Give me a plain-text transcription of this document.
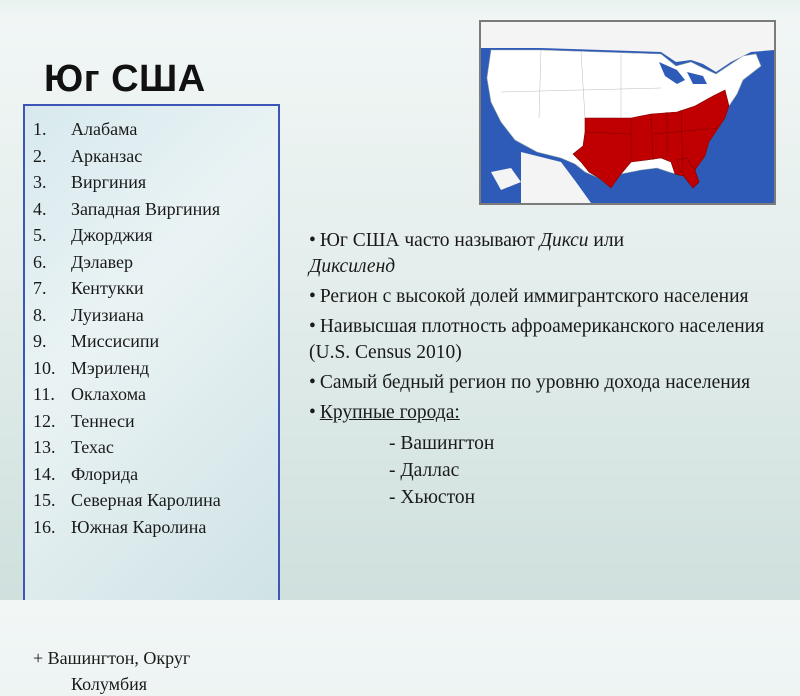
Юг США
1. Алабама
2. Арканзас
3. Виргиния
4. Западная Виргиния
5. Джорджия
6. Дэлавер
7. Кентукки
8. Луизиана
9. Миссисипи
10. Мэриленд
11. Оклахома
12. Теннеси
13. Техас
14. Флорида
15. Северная Каролина
16. Южная Каролина
+ Вашингтон, Округ
Колумбия
• Юг США часто называют Дикси или
Диксиленд
• Регион с высокой долей иммигрантского населения
• Наивысшая плотность афроамериканского населения (U.S. Census 2010)
• Самый бедный регион по уровню дохода населения
• Крупные города:
- Вашингтон
- Даллас
- Хьюстон
